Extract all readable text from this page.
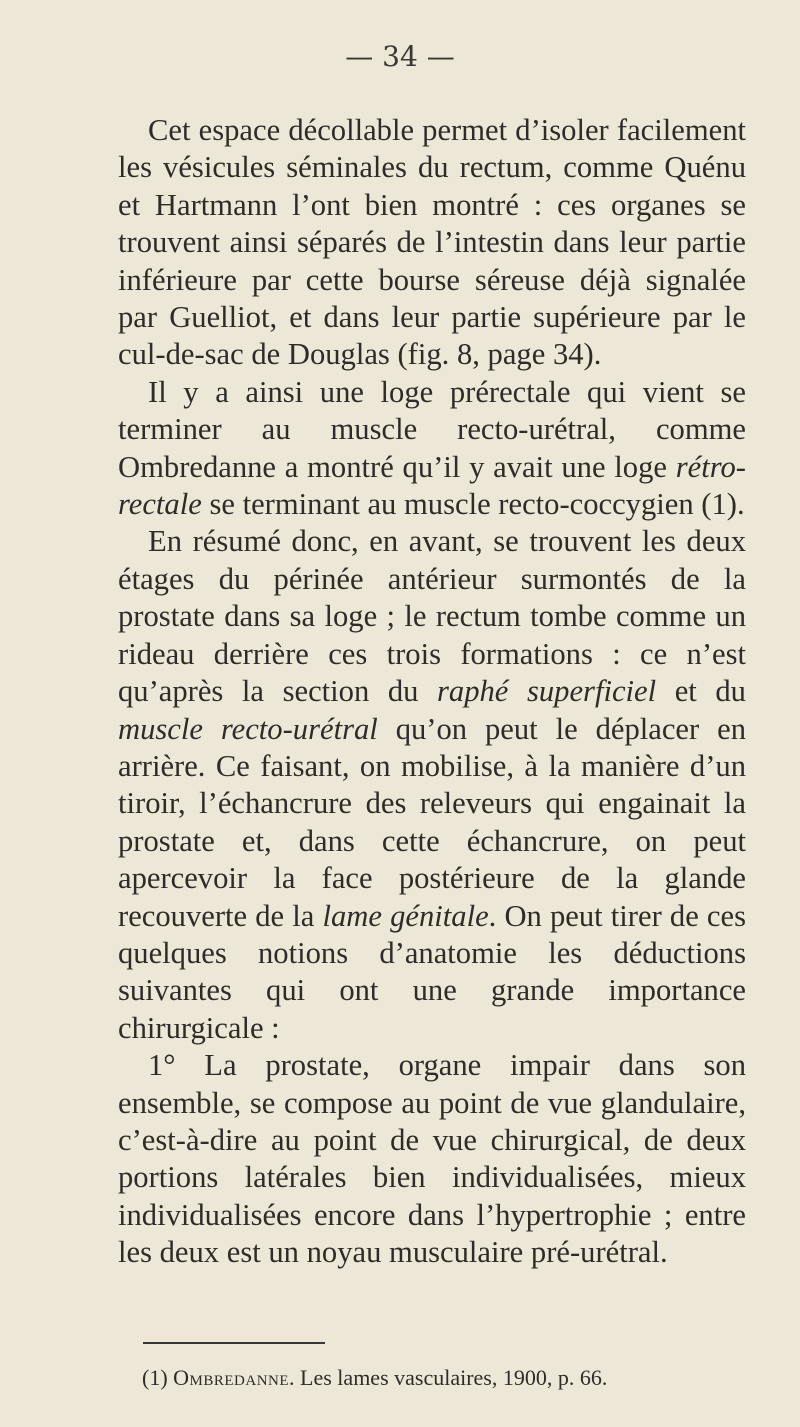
— 34 —

Cet espace décollable permet d’isoler facilement les vésicules séminales du rectum, comme Quénu et Hartmann l’ont bien montré : ces organes se trouvent ainsi séparés de l’intestin dans leur partie inférieure par cette bourse séreuse déjà signalée par Guelliot, et dans leur partie supérieure par le cul-de-sac de Douglas (fig. 8, page 34).

Il y a ainsi une loge prérectale qui vient se terminer au muscle recto-urétral, comme Ombredanne a montré qu’il y avait une loge rétro-rectale se terminant au muscle recto-coccygien (1).

En résumé donc, en avant, se trouvent les deux étages du périnée antérieur surmontés de la prostate dans sa loge ; le rectum tombe comme un rideau derrière ces trois formations : ce n’est qu’après la section du raphé superficiel et du muscle recto-urétral qu’on peut le déplacer en arrière. Ce faisant, on mobilise, à la manière d’un tiroir, l’échancrure des releveurs qui engainait la prostate et, dans cette échancrure, on peut apercevoir la face postérieure de la glande recouverte de la lame génitale. On peut tirer de ces quelques notions d’anatomie les déductions suivantes qui ont une grande importance chirurgicale :

1° La prostate, organe impair dans son ensemble, se compose au point de vue glandulaire, c’est-à-dire au point de vue chirurgical, de deux portions latérales bien individualisées, mieux individualisées encore dans l’hypertrophie ; entre les deux est un noyau musculaire pré-urétral.

(1) Ombredanne. Les lames vasculaires, 1900, p. 66.
